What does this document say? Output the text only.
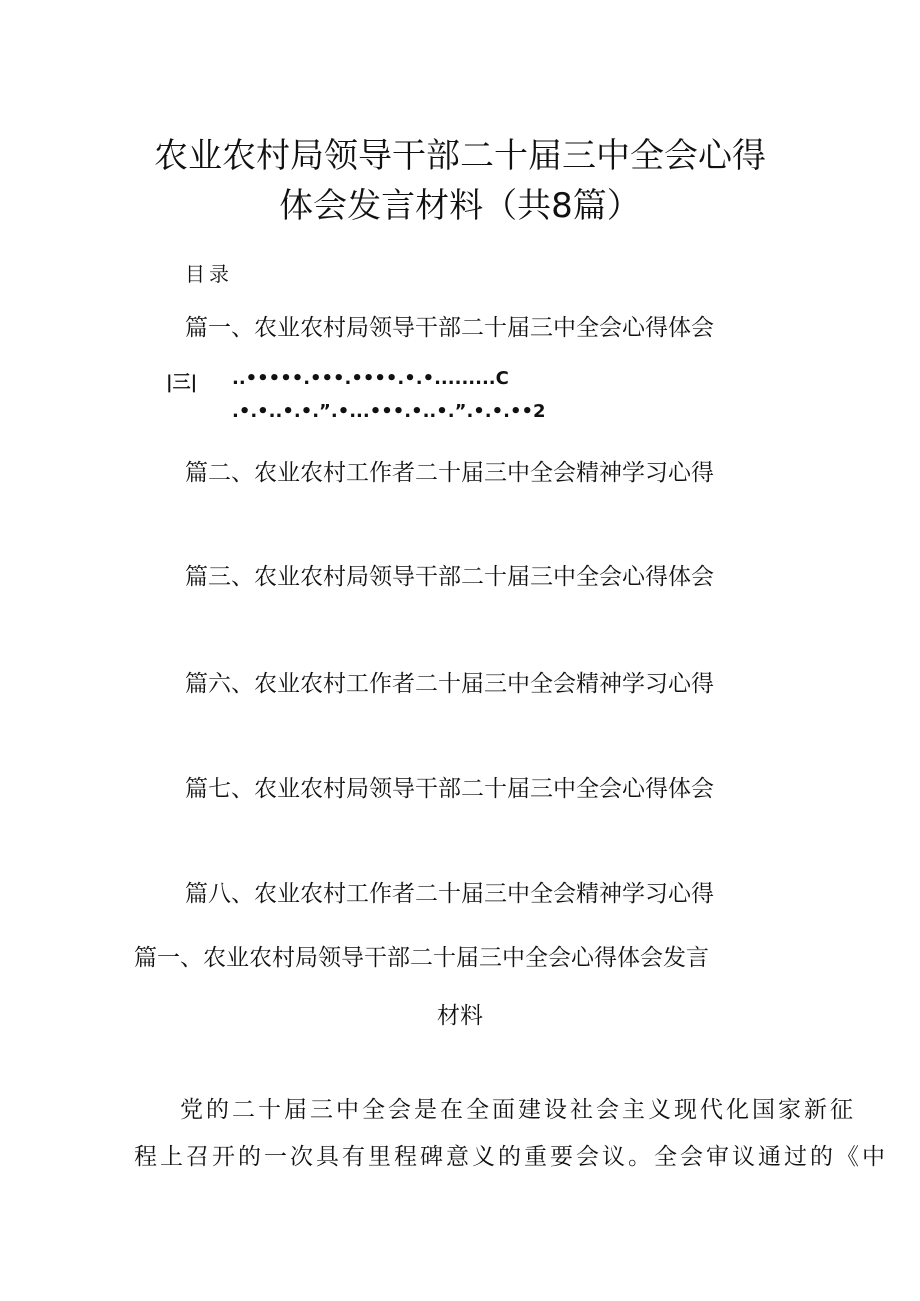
农业农村局领导干部二十届三中全会心得
体会发言材料（共8篇）
目录
篇一、农业农村局领导干部二十届三中全会心得体会
|三| ..•••••.•••.••••.•.•.........C
.•.•..•.•.”.•...•••.•..•.”.•.•.••2
篇二、农业农村工作者二十届三中全会精神学习心得
篇三、农业农村局领导干部二十届三中全会心得体会
篇六、农业农村工作者二十届三中全会精神学习心得
篇七、农业农村局领导干部二十届三中全会心得体会
篇八、农业农村工作者二十届三中全会精神学习心得
篇一、农业农村局领导干部二十届三中全会心得体会发言
材料
党的二十届三中全会是在全面建设社会主义现代化国家新征
程上召开的一次具有里程碑意义的重要会议。全会审议通过的《中
